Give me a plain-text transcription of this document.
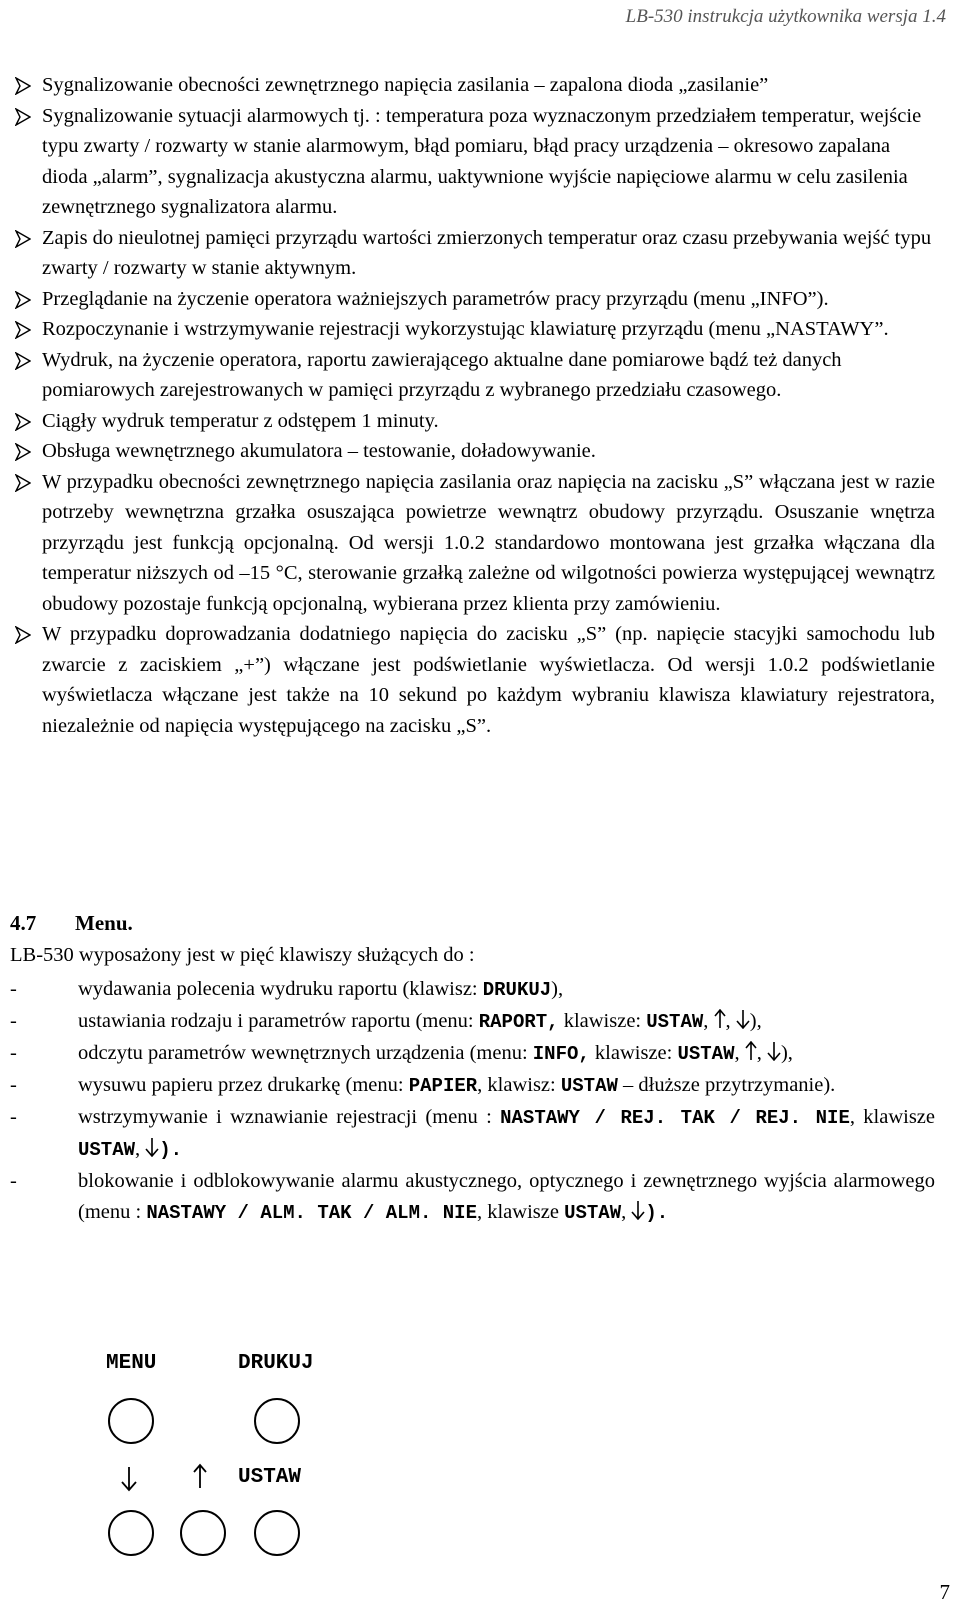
LB-530 instrukcja użytkownika wersja 1.4
Sygnalizowanie obecności zewnętrznego napięcia zasilania – zapalona dioda „zasilanie”
Sygnalizowanie sytuacji alarmowych tj. : temperatura poza wyznaczonym przedziałem temperatur, wejście typu zwarty / rozwarty w stanie alarmowym, błąd pomiaru, błąd pracy urządzenia – okresowo zapalana dioda „alarm”, sygnalizacja akustyczna alarmu, uaktywnione wyjście napięciowe alarmu w celu zasilenia zewnętrznego sygnalizatora alarmu.
Zapis do nieulotnej pamięci przyrządu wartości zmierzonych temperatur oraz czasu przebywania wejść typu zwarty / rozwarty w stanie aktywnym.
Przeglądanie na życzenie operatora ważniejszych parametrów pracy przyrządu (menu „INFO”).
Rozpoczynanie i wstrzymywanie rejestracji wykorzystując klawiaturę przyrządu (menu „NASTAWY”.
Wydruk, na życzenie operatora, raportu zawierającego aktualne dane pomiarowe bądź też danych pomiarowych zarejestrowanych w pamięci przyrządu z wybranego przedziału czasowego.
Ciągły wydruk temperatur z odstępem 1 minuty.
Obsługa wewnętrznego akumulatora – testowanie, doładowywanie.
W przypadku obecności zewnętrznego napięcia zasilania oraz napięcia na zacisku „S” włączana jest w razie potrzeby wewnętrzna grzałka osuszająca powietrze wewnątrz obudowy przyrządu. Osuszanie wnętrza przyrządu jest funkcją opcjonalną. Od wersji 1.0.2 standardowo montowana jest grzałka włączana dla temperatur niższych od –15 °C, sterowanie grzałką zależne od wilgotności powierza występującej wewnątrz obudowy pozostaje funkcją opcjonalną, wybierana przez klienta przy zamówieniu.
W przypadku doprowadzania dodatniego napięcia do zacisku „S” (np. napięcie stacyjki samochodu lub zwarcie z zaciskiem „+”) włączane jest podświetlanie wyświetlacza. Od wersji 1.0.2 podświetlanie wyświetlacza włączane jest także na 10 sekund po każdym wybraniu klawisza klawiatury rejestratora, niezależnie od napięcia występującego na zacisku „S”.
4.7 Menu.
LB-530 wyposażony jest w pięć klawiszy służących do :
-	wydawania polecenia wydruku raportu (klawisz: DRUKUJ),
-	ustawiania rodzaju i parametrów raportu (menu: RAPORT, klawisze: USTAW, , ),
-	odczytu parametrów wewnętrznych urządzenia (menu: INFO, klawisze: USTAW, , ),
-	wysuwu papieru przez drukarkę (menu: PAPIER, klawisz: USTAW – dłuższe przytrzymanie).
-	wstrzymywanie i wznawianie rejestracji (menu : NASTAWY / REJ. TAK / REJ. NIE, klawisze USTAW, ).
-	blokowanie i odblokowywanie alarmu akustycznego, optycznego i zewnętrznego wyjścia alarmowego (menu : NASTAWY / ALM. TAK / ALM. NIE, klawisze USTAW, ).
MENU	DRUKUJ
USTAW
7
